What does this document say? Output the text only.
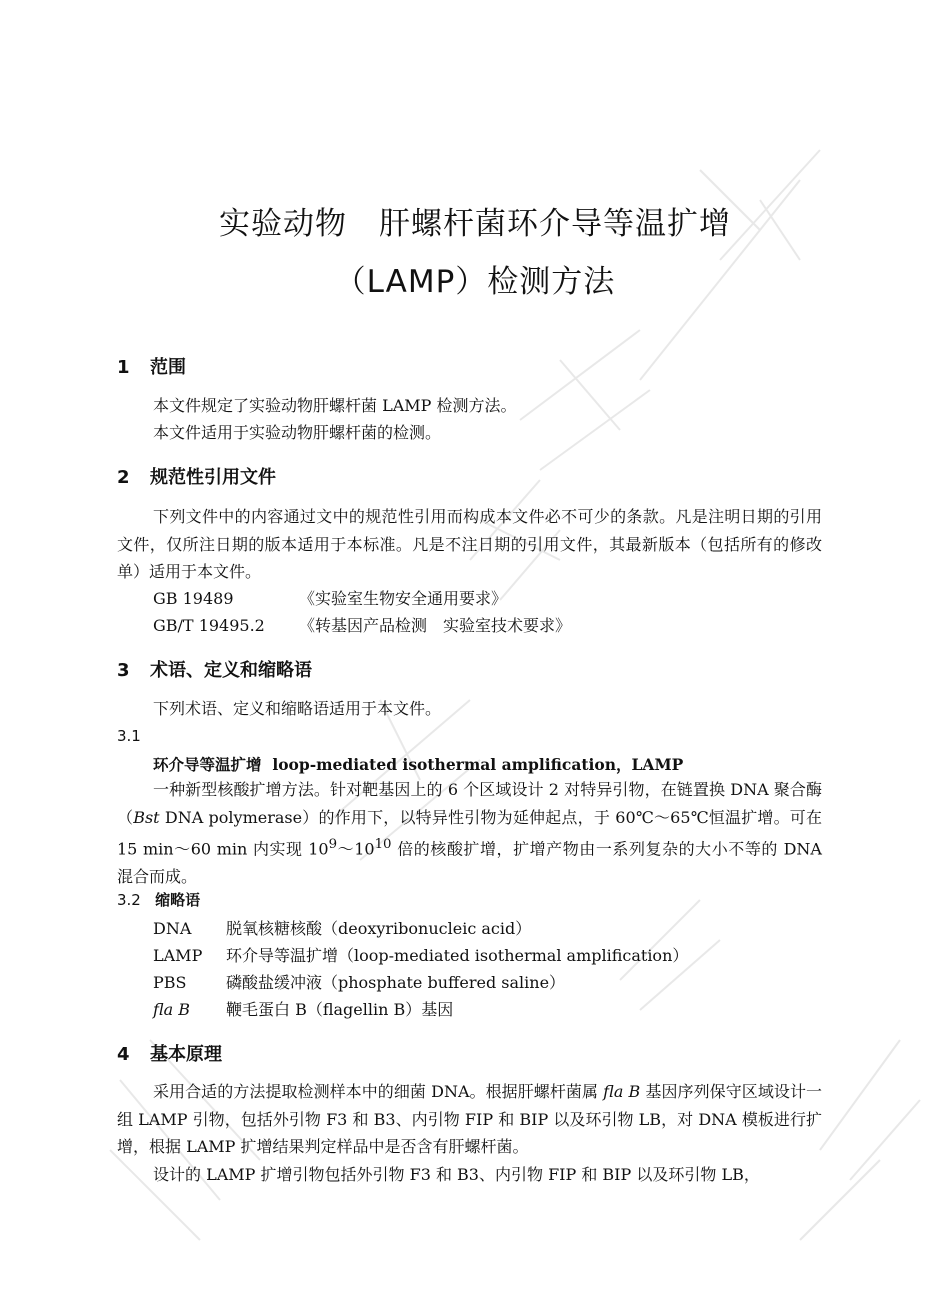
实验动物　肝螺杆菌环介导等温扩增
（LAMP）检测方法
1 范围
本文件规定了实验动物肝螺杆菌 LAMP 检测方法。
本文件适用于实验动物肝螺杆菌的检测。
2 规范性引用文件
下列文件中的内容通过文中的规范性引用而构成本文件必不可少的条款。凡是注明日期的引用文件，仅所注日期的版本适用于本标准。凡是不注日期的引用文件，其最新版本（包括所有的修改单）适用于本文件。
GB 19489	《实验室生物安全通用要求》
GB/T 19495.2 《转基因产品检测　实验室技术要求》
3 术语、定义和缩略语
下列术语、定义和缩略语适用于本文件。
3.1
环介导等温扩增 loop-mediated isothermal amplification，LAMP
一种新型核酸扩增方法。针对靶基因上的 6 个区域设计 2 对特异引物，在链置换 DNA 聚合酶（Bst DNA polymerase）的作用下，以特异性引物为延伸起点，于 60℃～65℃恒温扩增。可在 15 min～60 min 内实现 $10^9\sim 10^{10}$ 倍的核酸扩增，扩增产物由一系列复杂的大小不等的 DNA 混合而成。
3.2 缩略语
DNA 脱氧核糖核酸（deoxyribonucleic acid）
LAMP 环介导等温扩增（loop-mediated isothermal amplification）
PBS 磷酸盐缓冲液（phosphate buffered saline）
fla B 鞭毛蛋白 B（flagellin B）基因
4 基本原理
采用合适的方法提取检测样本中的细菌 DNA。根据肝螺杆菌属 fla B 基因序列保守区域设计一组 LAMP 引物，包括外引物 F3 和 B3、内引物 FIP 和 BIP 以及环引物 LB，对 DNA 模板进行扩增，根据 LAMP 扩增结果判定样品中是否含有肝螺杆菌。
设计的 LAMP 扩增引物包括外引物 F3 和 B3、内引物 FIP 和 BIP 以及环引物 LB，
